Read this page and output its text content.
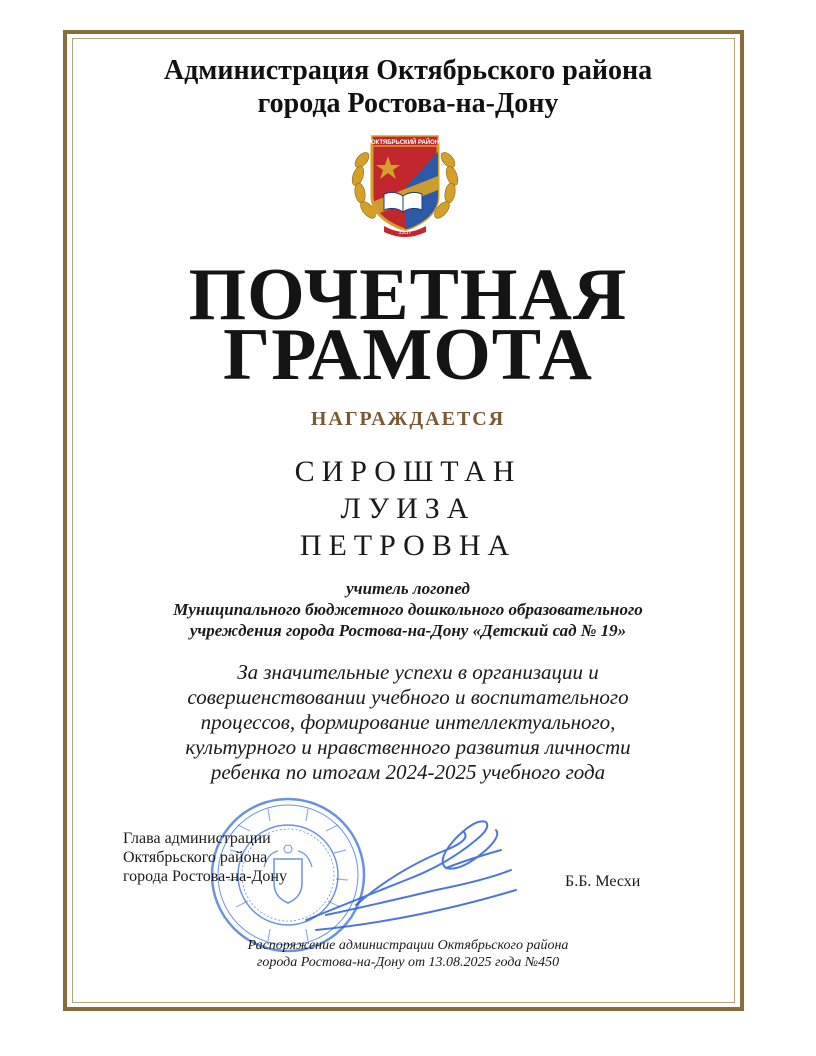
Администрация Октябрьского района
города Ростова-на-Дону
ОКТЯБРЬСКИЙ РАЙОН
1937
ПОЧЕТНАЯ
ГРАМОТА
НАГРАЖДАЕТСЯ
СИРОШТАН
ЛУИЗА
ПЕТРОВНА
учитель логопед
Муниципального бюджетного дошкольного образовательного
учреждения города Ростова-на-Дону «Детский сад № 19»
За значительные успехи в организации и
совершенствовании учебного и воспитательного
процессов, формирование интеллектуального,
культурного и нравственного развития личности
ребенка по итогам 2024-2025 учебного года
Глава администрации
Октябрьского района
города Ростова-на-Дону	Б.Б. Месхи
Распоряжение администрации Октябрьского района
города Ростова-на-Дону от 13.08.2025 года №450
